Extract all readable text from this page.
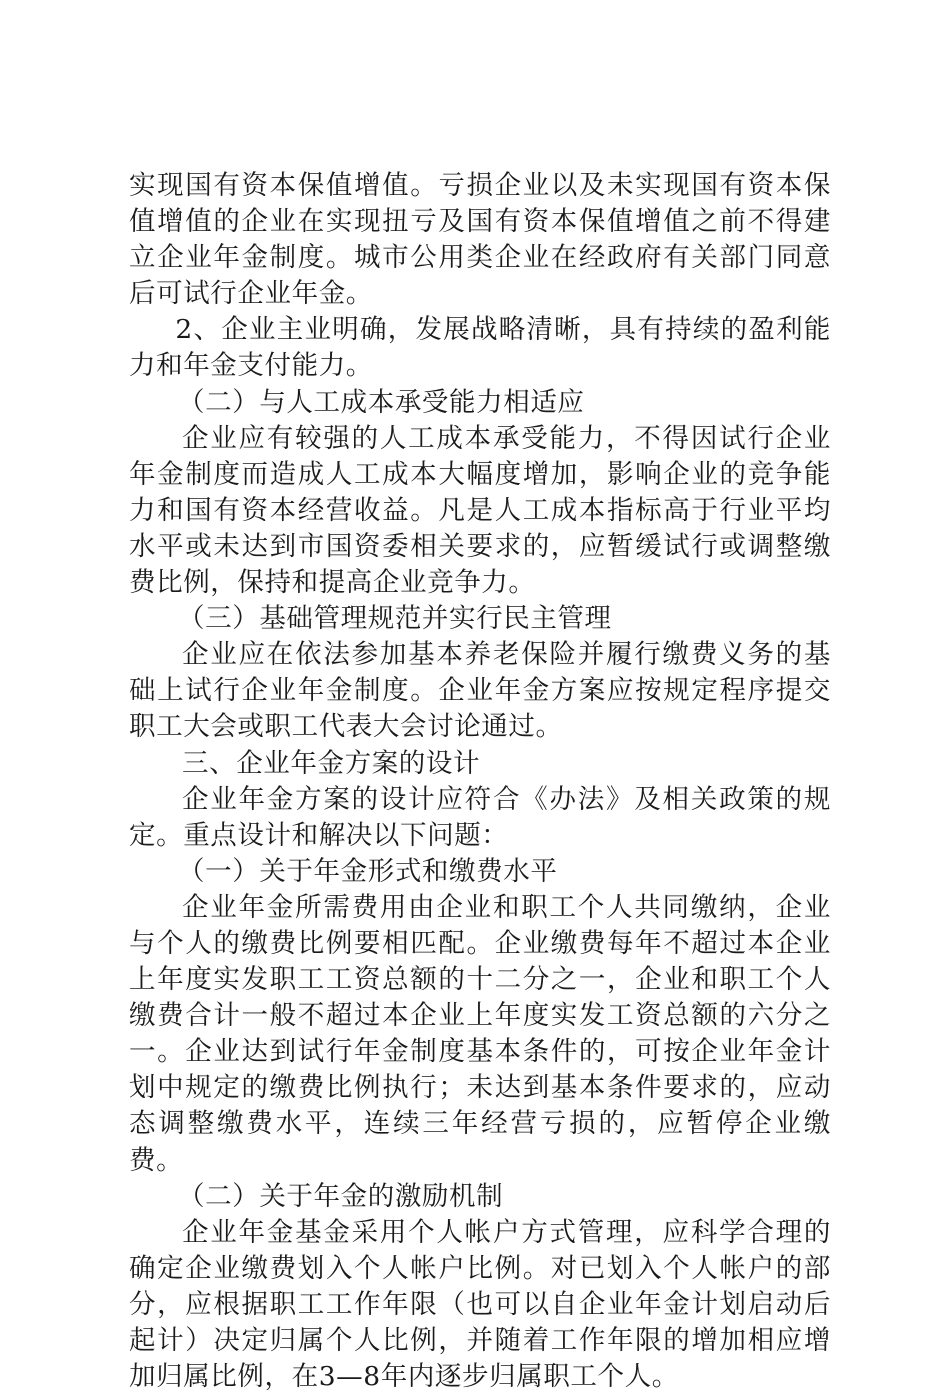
实现国有资本保值增值。亏损企业以及未实现国有资本保值增值的企业在实现扭亏及国有资本保值增值之前不得建立企业年金制度。城市公用类企业在经政府有关部门同意后可试行企业年金。

2、企业主业明确，发展战略清晰，具有持续的盈利能力和年金支付能力。

（二）与人工成本承受能力相适应

企业应有较强的人工成本承受能力，不得因试行企业年金制度而造成人工成本大幅度增加，影响企业的竞争能力和国有资本经营收益。凡是人工成本指标高于行业平均水平或未达到市国资委相关要求的，应暂缓试行或调整缴费比例，保持和提高企业竞争力。

（三）基础管理规范并实行民主管理

企业应在依法参加基本养老保险并履行缴费义务的基础上试行企业年金制度。企业年金方案应按规定程序提交职工大会或职工代表大会讨论通过。

三、企业年金方案的设计

企业年金方案的设计应符合《办法》及相关政策的规定。重点设计和解决以下问题：

（一）关于年金形式和缴费水平

企业年金所需费用由企业和职工个人共同缴纳，企业与个人的缴费比例要相匹配。企业缴费每年不超过本企业上年度实发职工工资总额的十二分之一，企业和职工个人缴费合计一般不超过本企业上年度实发工资总额的六分之一。企业达到试行年金制度基本条件的，可按企业年金计划中规定的缴费比例执行；未达到基本条件要求的，应动态调整缴费水平，连续三年经营亏损的，应暂停企业缴费。

（二）关于年金的激励机制

企业年金基金采用个人帐户方式管理，应科学合理的确定企业缴费划入个人帐户比例。对已划入个人帐户的部分，应根据职工工作年限（也可以自企业年金计划启动后起计）决定归属个人比例，并随着工作年限的增加相应增加归属比例，在3—8年内逐步归属职工个人。
